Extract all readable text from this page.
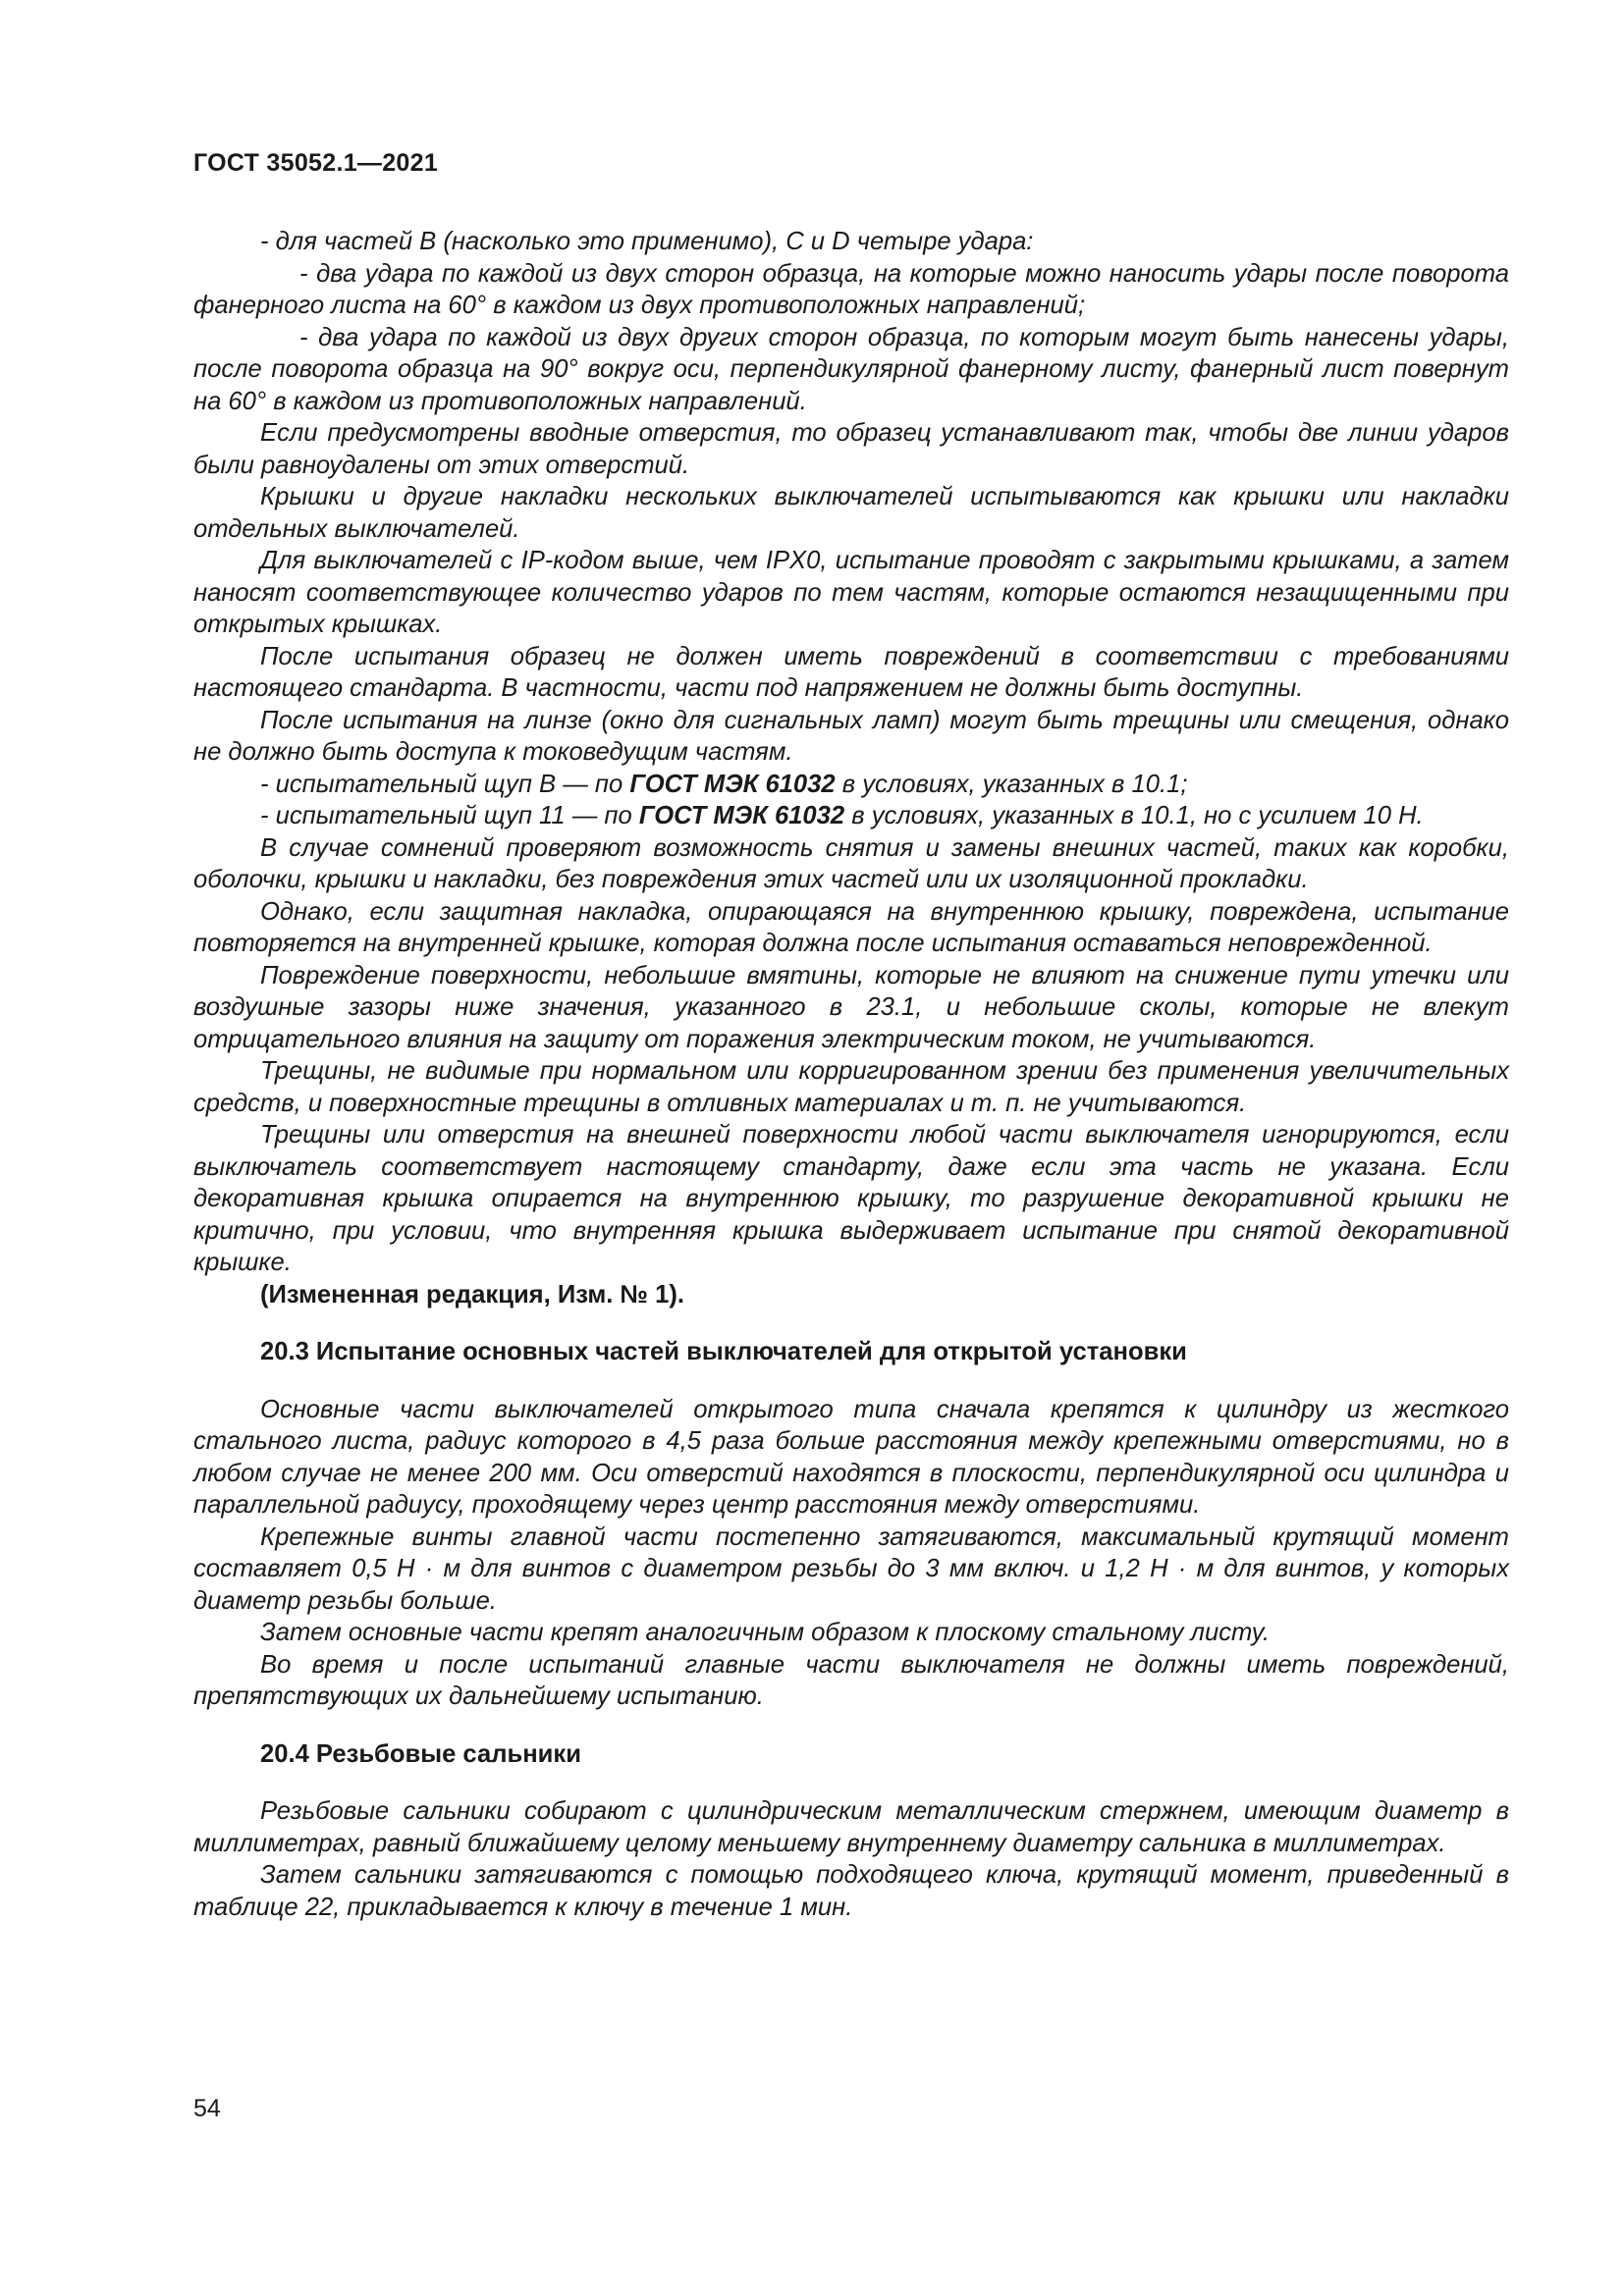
ГОСТ 35052.1—2021

- для частей В (насколько это применимо), С и D четыре удара:

- два удара по каждой из двух сторон образца, на которые можно наносить удары после поворота фанерного листа на 60° в каждом из двух противоположных направлений;

- два удара по каждой из двух других сторон образца, по которым могут быть нанесены удары, после поворота образца на 90° вокруг оси, перпендикулярной фанерному листу, фанерный лист повернут на 60° в каждом из противоположных направлений.

Если предусмотрены вводные отверстия, то образец устанавливают так, чтобы две линии ударов были равноудалены от этих отверстий.

Крышки и другие накладки нескольких выключателей испытываются как крышки или накладки отдельных выключателей.

Для выключателей с IP-кодом выше, чем IPX0, испытание проводят с закрытыми крышками, а затем наносят соответствующее количество ударов по тем частям, которые остаются незащищенными при открытых крышках.

После испытания образец не должен иметь повреждений в соответствии с требованиями настоящего стандарта. В частности, части под напряжением не должны быть доступны.

После испытания на линзе (окно для сигнальных ламп) могут быть трещины или смещения, однако не должно быть доступа к токоведущим частям.

- испытательный щуп В — по ГОСТ МЭК 61032 в условиях, указанных в 10.1;

- испытательный щуп 11 — по ГОСТ МЭК 61032 в условиях, указанных в 10.1, но с усилием 10 Н.

В случае сомнений проверяют возможность снятия и замены внешних частей, таких как коробки, оболочки, крышки и накладки, без повреждения этих частей или их изоляционной прокладки.

Однако, если защитная накладка, опирающаяся на внутреннюю крышку, повреждена, испытание повторяется на внутренней крышке, которая должна после испытания оставаться неповрежденной.

Повреждение поверхности, небольшие вмятины, которые не влияют на снижение пути утечки или воздушные зазоры ниже значения, указанного в 23.1, и небольшие сколы, которые не влекут отрицательного влияния на защиту от поражения электрическим током, не учитываются.

Трещины, не видимые при нормальном или корригированном зрении без применения увеличительных средств, и поверхностные трещины в отливных материалах и т. п. не учитываются.

Трещины или отверстия на внешней поверхности любой части выключателя игнорируются, если выключатель соответствует настоящему стандарту, даже если эта часть не указана. Если декоративная крышка опирается на внутреннюю крышку, то разрушение декоративной крышки не критично, при условии, что внутренняя крышка выдерживает испытание при снятой декоративной крышке.

(Измененная редакция, Изм. № 1).

20.3 Испытание основных частей выключателей для открытой установки

Основные части выключателей открытого типа сначала крепятся к цилиндру из жесткого стального листа, радиус которого в 4,5 раза больше расстояния между крепежными отверстиями, но в любом случае не менее 200 мм. Оси отверстий находятся в плоскости, перпендикулярной оси цилиндра и параллельной радиусу, проходящему через центр расстояния между отверстиями.

Крепежные винты главной части постепенно затягиваются, максимальный крутящий момент составляет 0,5 Н · м для винтов с диаметром резьбы до 3 мм включ. и 1,2 Н · м для винтов, у которых диаметр резьбы больше.

Затем основные части крепят аналогичным образом к плоскому стальному листу.

Во время и после испытаний главные части выключателя не должны иметь повреждений, препятствующих их дальнейшему испытанию.

20.4 Резьбовые сальники

Резьбовые сальники собирают с цилиндрическим металлическим стержнем, имеющим диаметр в миллиметрах, равный ближайшему целому меньшему внутреннему диаметру сальника в миллиметрах.

Затем сальники затягиваются с помощью подходящего ключа, крутящий момент, приведенный в таблице 22, прикладывается к ключу в течение 1 мин.

54
